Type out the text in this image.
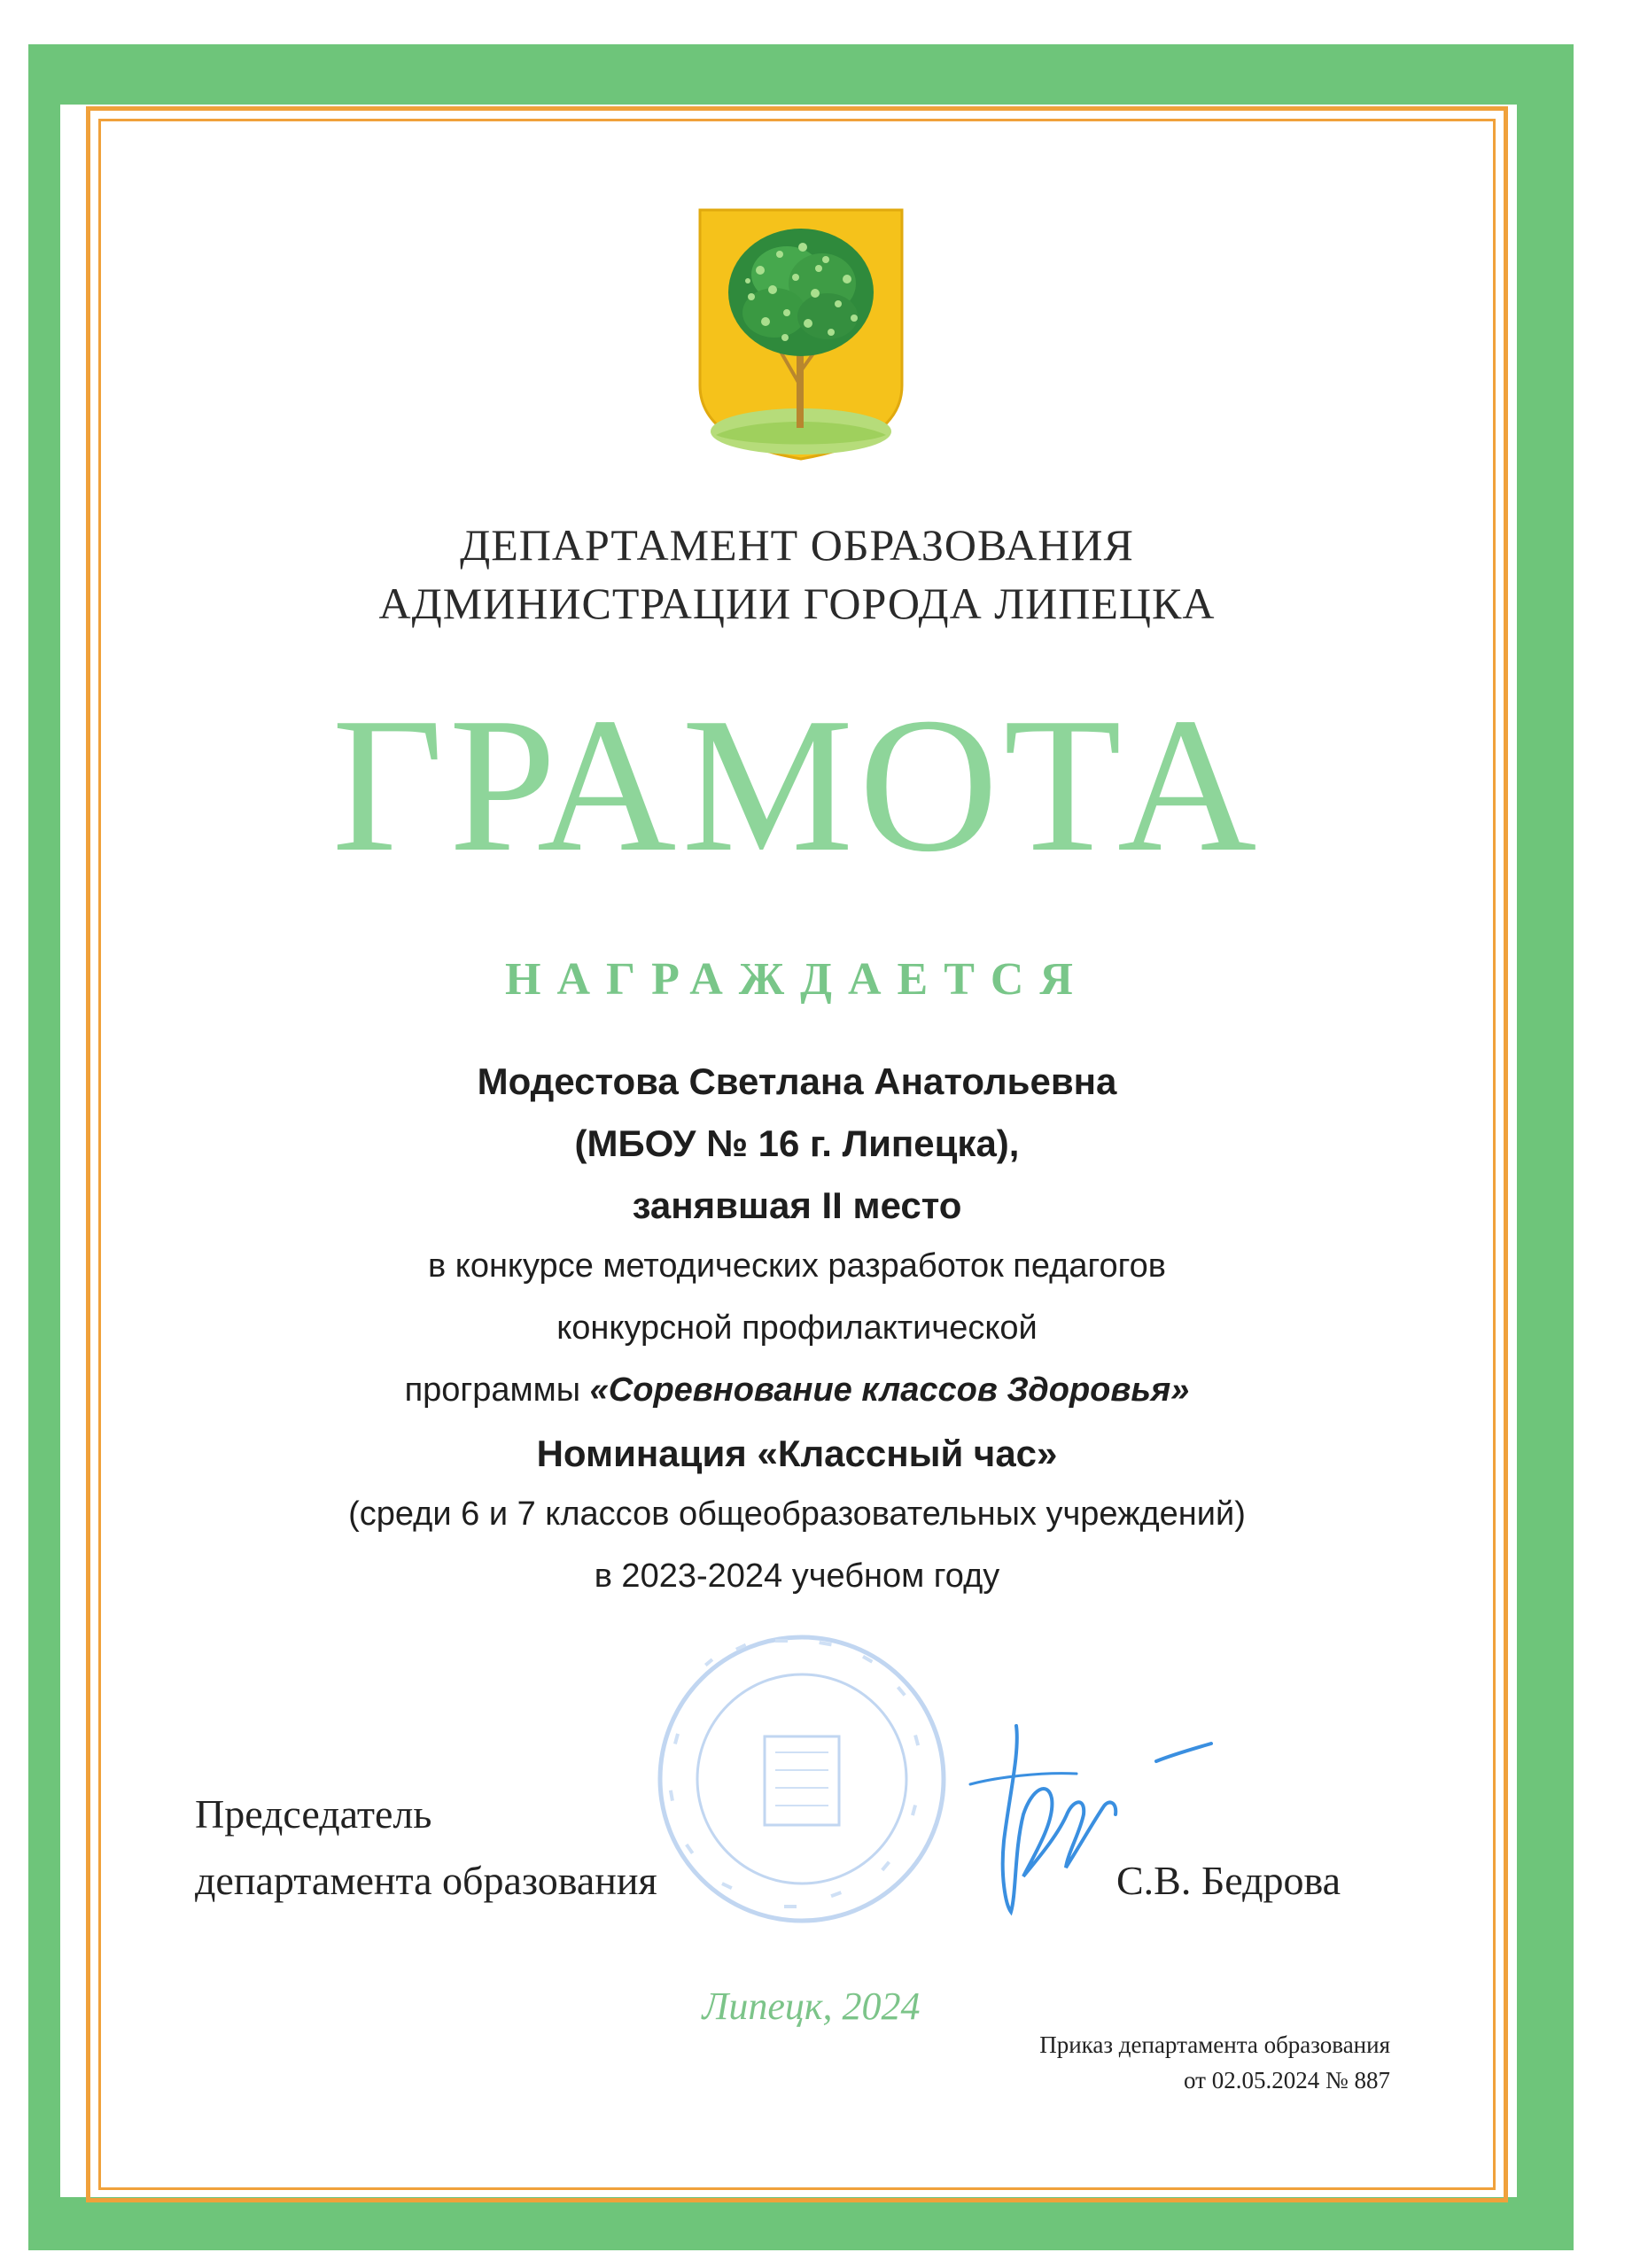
ДЕПАРТАМЕНТ ОБРАЗОВАНИЯ
АДМИНИСТРАЦИИ ГОРОДА ЛИПЕЦКА
ГРАМОТА
НАГРАЖДАЕТСЯ
Модестова Светлана Анатольевна
(МБОУ № 16 г. Липецка),
занявшая II место
в конкурсе методических разработок педагогов
конкурсной профилактической
программы «Соревнование классов Здоровья»
Номинация «Классный час»
(среди 6 и 7 классов общеобразовательных учреждений)
в 2023-2024 учебном году
Председатель
департамента образования	С.В. Бедрова
Липецк, 2024
Приказ департамента образования
от 02.05.2024 № 887
